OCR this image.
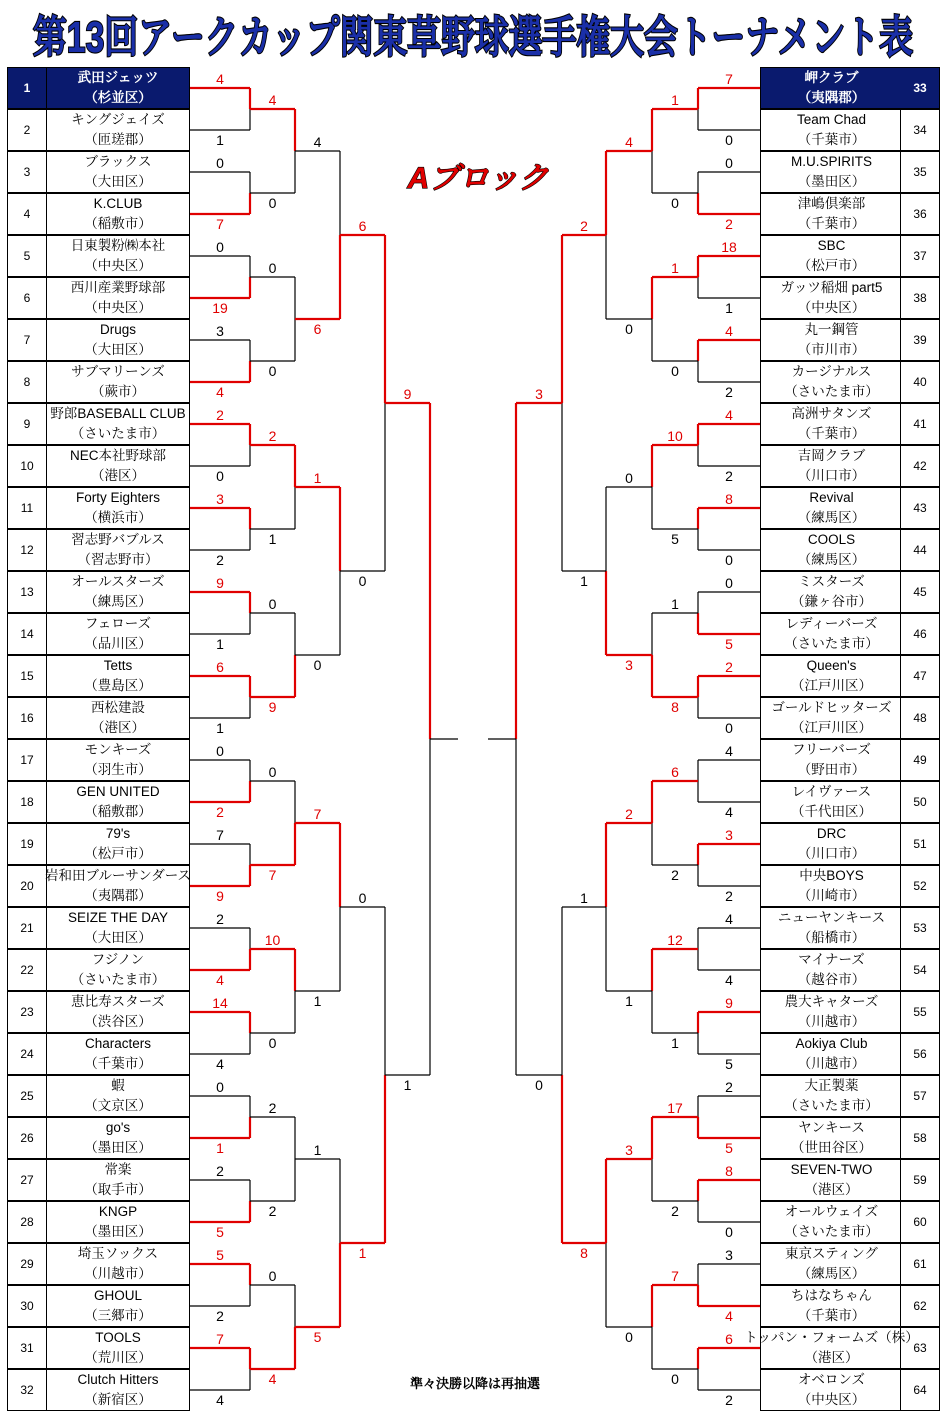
第13回アークカップ関東草野球選手権大会トーナメント表
1
武田ジェッツ
（杉並区）
2
キングジェイズ
（匝瑳郡）
3
ブラックス
（大田区）
4
K.CLUB
（稲敷市）
5
日東製粉㈱本社
（中央区）
6
西川産業野球部
（中央区）
7
Drugs
（大田区）
8
サブマリーンズ
（蕨市）
9
野郎BASEBALL CLUB
（さいたま市）
10
NEC本社野球部
（港区）
11
Forty Eighters
（横浜市）
12
習志野バブルス
（習志野市）
13
オールスターズ
（練馬区）
14
フェローズ
（品川区）
15
Tetts
（豊島区）
16
西松建設
（港区）
17
モンキーズ
（羽生市）
18
GEN UNITED
（稲敷郡）
19
79's
（松戸市）
20
岩和田ブルーサンダース
（夷隅郡）
21
SEIZE THE DAY
（大田区）
22
フジノン
（さいたま市）
23
恵比寿スターズ
（渋谷区）
24
Characters
（千葉市）
25
蝦
（文京区）
26
go's
（墨田区）
27
常楽
（取手市）
28
KNGP
（墨田区）
29
埼玉ソックス
（川越市）
30
GHOUL
（三郷市）
31
TOOLS
（荒川区）
32
Clutch Hitters
（新宿区）
33
岬クラブ
（夷隅郡）
34
Team Chad
（千葉市）
35
M.U.SPIRITS
（墨田区）
36
津嶋倶楽部
（千葉市）
37
SBC
（松戸市）
38
ガッツ稲畑 part5
（中央区）
39
丸一鋼管
（市川市）
40
カージナルス
（さいたま市）
41
高洲サタンズ
（千葉市）
42
吉岡クラブ
（川口市）
43
Revival
（練馬区）
44
COOLS
（練馬区）
45
ミスターズ
（鎌ヶ谷市）
46
レディーバーズ
（さいたま市）
47
Queen's
（江戸川区）
48
ゴールドヒッターズ
（江戸川区）
49
フリーバーズ
（野田市）
50
レイヴァース
（千代田区）
51
DRC
（川口市）
52
中央BOYS
（川崎市）
53
ニューヤンキース
（船橋市）
54
マイナーズ
（越谷市）
55
農大キャターズ
（川越市）
56
Aokiya Club
（川越市）
57
大正製薬
（さいたま市）
58
ヤンキース
（世田谷区）
59
SEVEN-TWO
（港区）
60
オールウェイズ
（さいたま市）
61
東京スティング
（練馬区）
62
ちはなちゃん
（千葉市）
63
トッパン・フォームズ（株）
（港区）
64
オベロンズ
（中央区）
Aブロック
4
1
0
7
0
19
3
4
2
0
3
2
9
1
6
1
0
2
7
9
2
4
14
4
0
1
2
5
5
2
7
4
4
0
0
0
2
1
0
9
0
7
10
0
2
2
0
4
4
6
1
0
7
1
1
5
6
0
0
1
9
1
7
0
0
2
18
1
4
2
4
2
8
0
0
5
2
0
4
4
3
2
4
4
9
5
2
5
8
0
3
4
6
2
1
0
1
0
10
5
1
8
6
2
12
1
17
2
7
0
4
0
0
3
2
1
3
0
2
1
1
8
3
0
準々決勝以降は再抽選
